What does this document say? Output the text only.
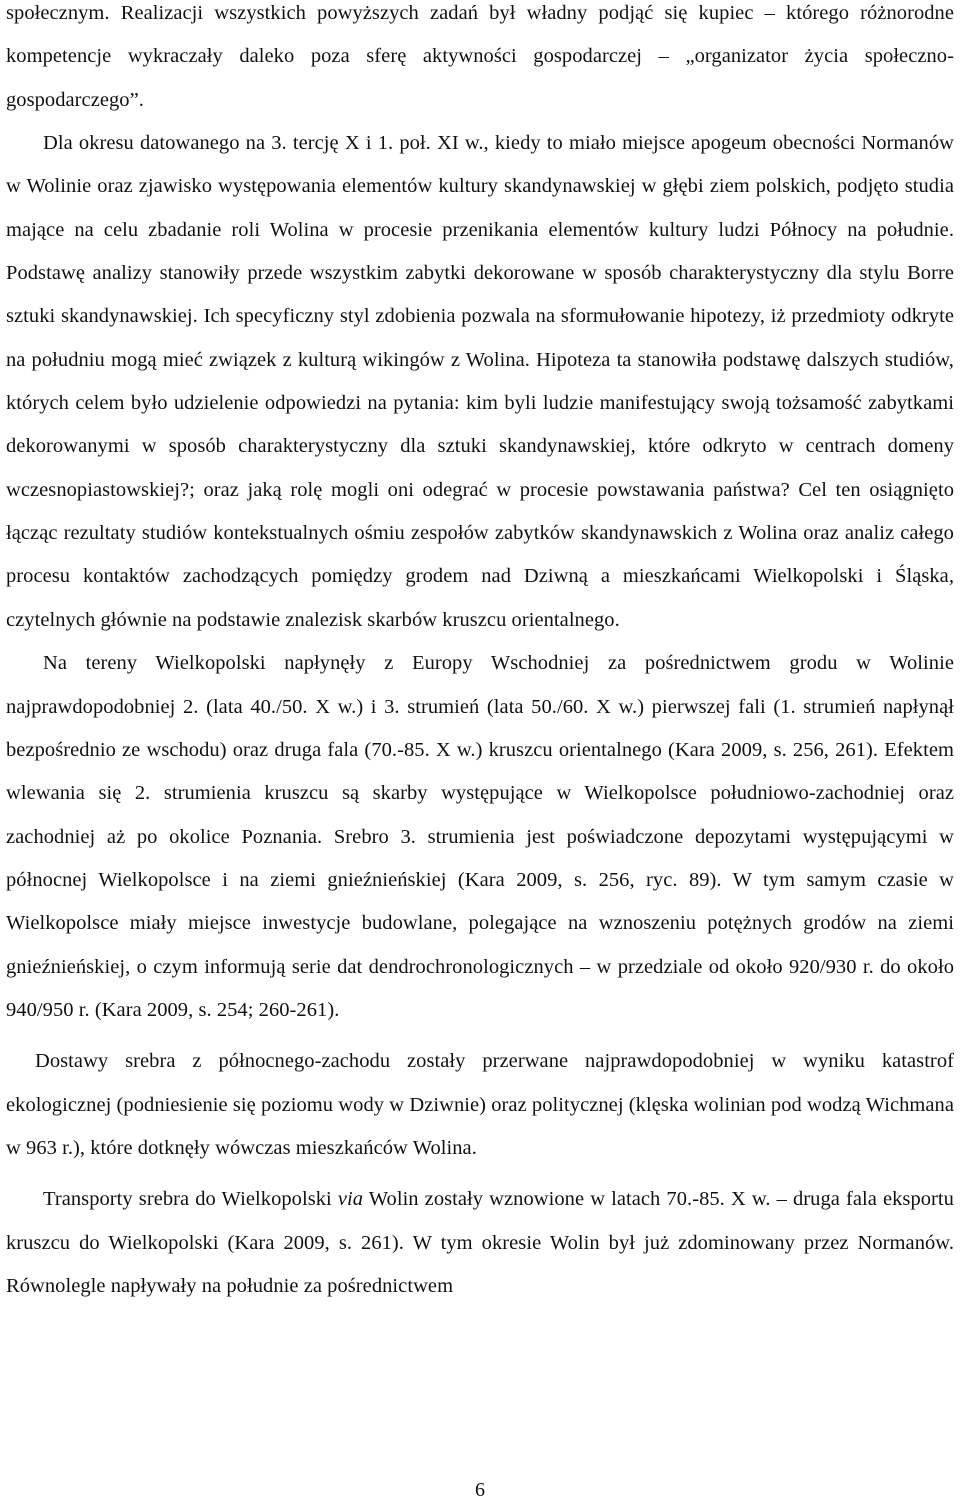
społecznym. Realizacji wszystkich powyższych zadań był władny podjąć się kupiec – którego różnorodne kompetencje wykraczały daleko poza sferę aktywności gospodarczej – „organizator życia społeczno-gospodarczego”.

Dla okresu datowanego na 3. tercję X i 1. poł. XI w., kiedy to miało miejsce apogeum obecności Normanów w Wolinie oraz zjawisko występowania elementów kultury skandynawskiej w głębi ziem polskich, podjęto studia mające na celu zbadanie roli Wolina w procesie przenikania elementów kultury ludzi Północy na południe. Podstawę analizy stanowiły przede wszystkim zabytki dekorowane w sposób charakterystyczny dla stylu Borre sztuki skandynawskiej. Ich specyficzny styl zdobienia pozwala na sformułowanie hipotezy, iż przedmioty odkryte na południu mogą mieć związek z kulturą wikingów z Wolina. Hipoteza ta stanowiła podstawę dalszych studiów, których celem było udzielenie odpowiedzi na pytania: kim byli ludzie manifestujący swoją tożsamość zabytkami dekorowanymi w sposób charakterystyczny dla sztuki skandynawskiej, które odkryto w centrach domeny wczesnopiastowskiej?; oraz jaką rolę mogli oni odegrać w procesie powstawania państwa? Cel ten osiągnięto łącząc rezultaty studiów kontekstualnych ośmiu zespołów zabytków skandynawskich z Wolina oraz analiz całego procesu kontaktów zachodzących pomiędzy grodem nad Dziwną a mieszkańcami Wielkopolski i Śląska, czytelnych głównie na podstawie znalezisk skarbów kruszcu orientalnego.

Na tereny Wielkopolski napłynęły z Europy Wschodniej za pośrednictwem grodu w Wolinie najprawdopodobniej 2. (lata 40./50. X w.) i 3. strumień (lata 50./60. X w.) pierwszej fali (1. strumień napłynął bezpośrednio ze wschodu) oraz druga fala (70.-85. X w.) kruszcu orientalnego (Kara 2009, s. 256, 261). Efektem wlewania się 2. strumienia kruszcu są skarby występujące w Wielkopolsce południowo-zachodniej oraz zachodniej aż po okolice Poznania. Srebro 3. strumienia jest poświadczone depozytami występującymi w północnej Wielkopolsce i na ziemi gnieźnieńskiej (Kara 2009, s. 256, ryc. 89). W tym samym czasie w Wielkopolsce miały miejsce inwestycje budowlane, polegające na wznoszeniu potężnych grodów na ziemi gnieźnieńskiej, o czym informują serie dat dendrochronologicznych – w przedziale od około 920/930 r. do około 940/950 r. (Kara 2009, s. 254; 260-261).

Dostawy srebra z północnego-zachodu zostały przerwane najprawdopodobniej w wyniku katastrof ekologicznej (podniesienie się poziomu wody w Dziwnie) oraz politycznej (klęska wolinian pod wodzą Wichmana w 963 r.), które dotknęły wówczas mieszkańców Wolina.

Transporty srebra do Wielkopolski via Wolin zostały wznowione w latach 70.-85. X w. – druga fala eksportu kruszcu do Wielkopolski (Kara 2009, s. 261). W tym okresie Wolin był już zdominowany przez Normanów. Równolegle napływały na południe za pośrednictwem

6
